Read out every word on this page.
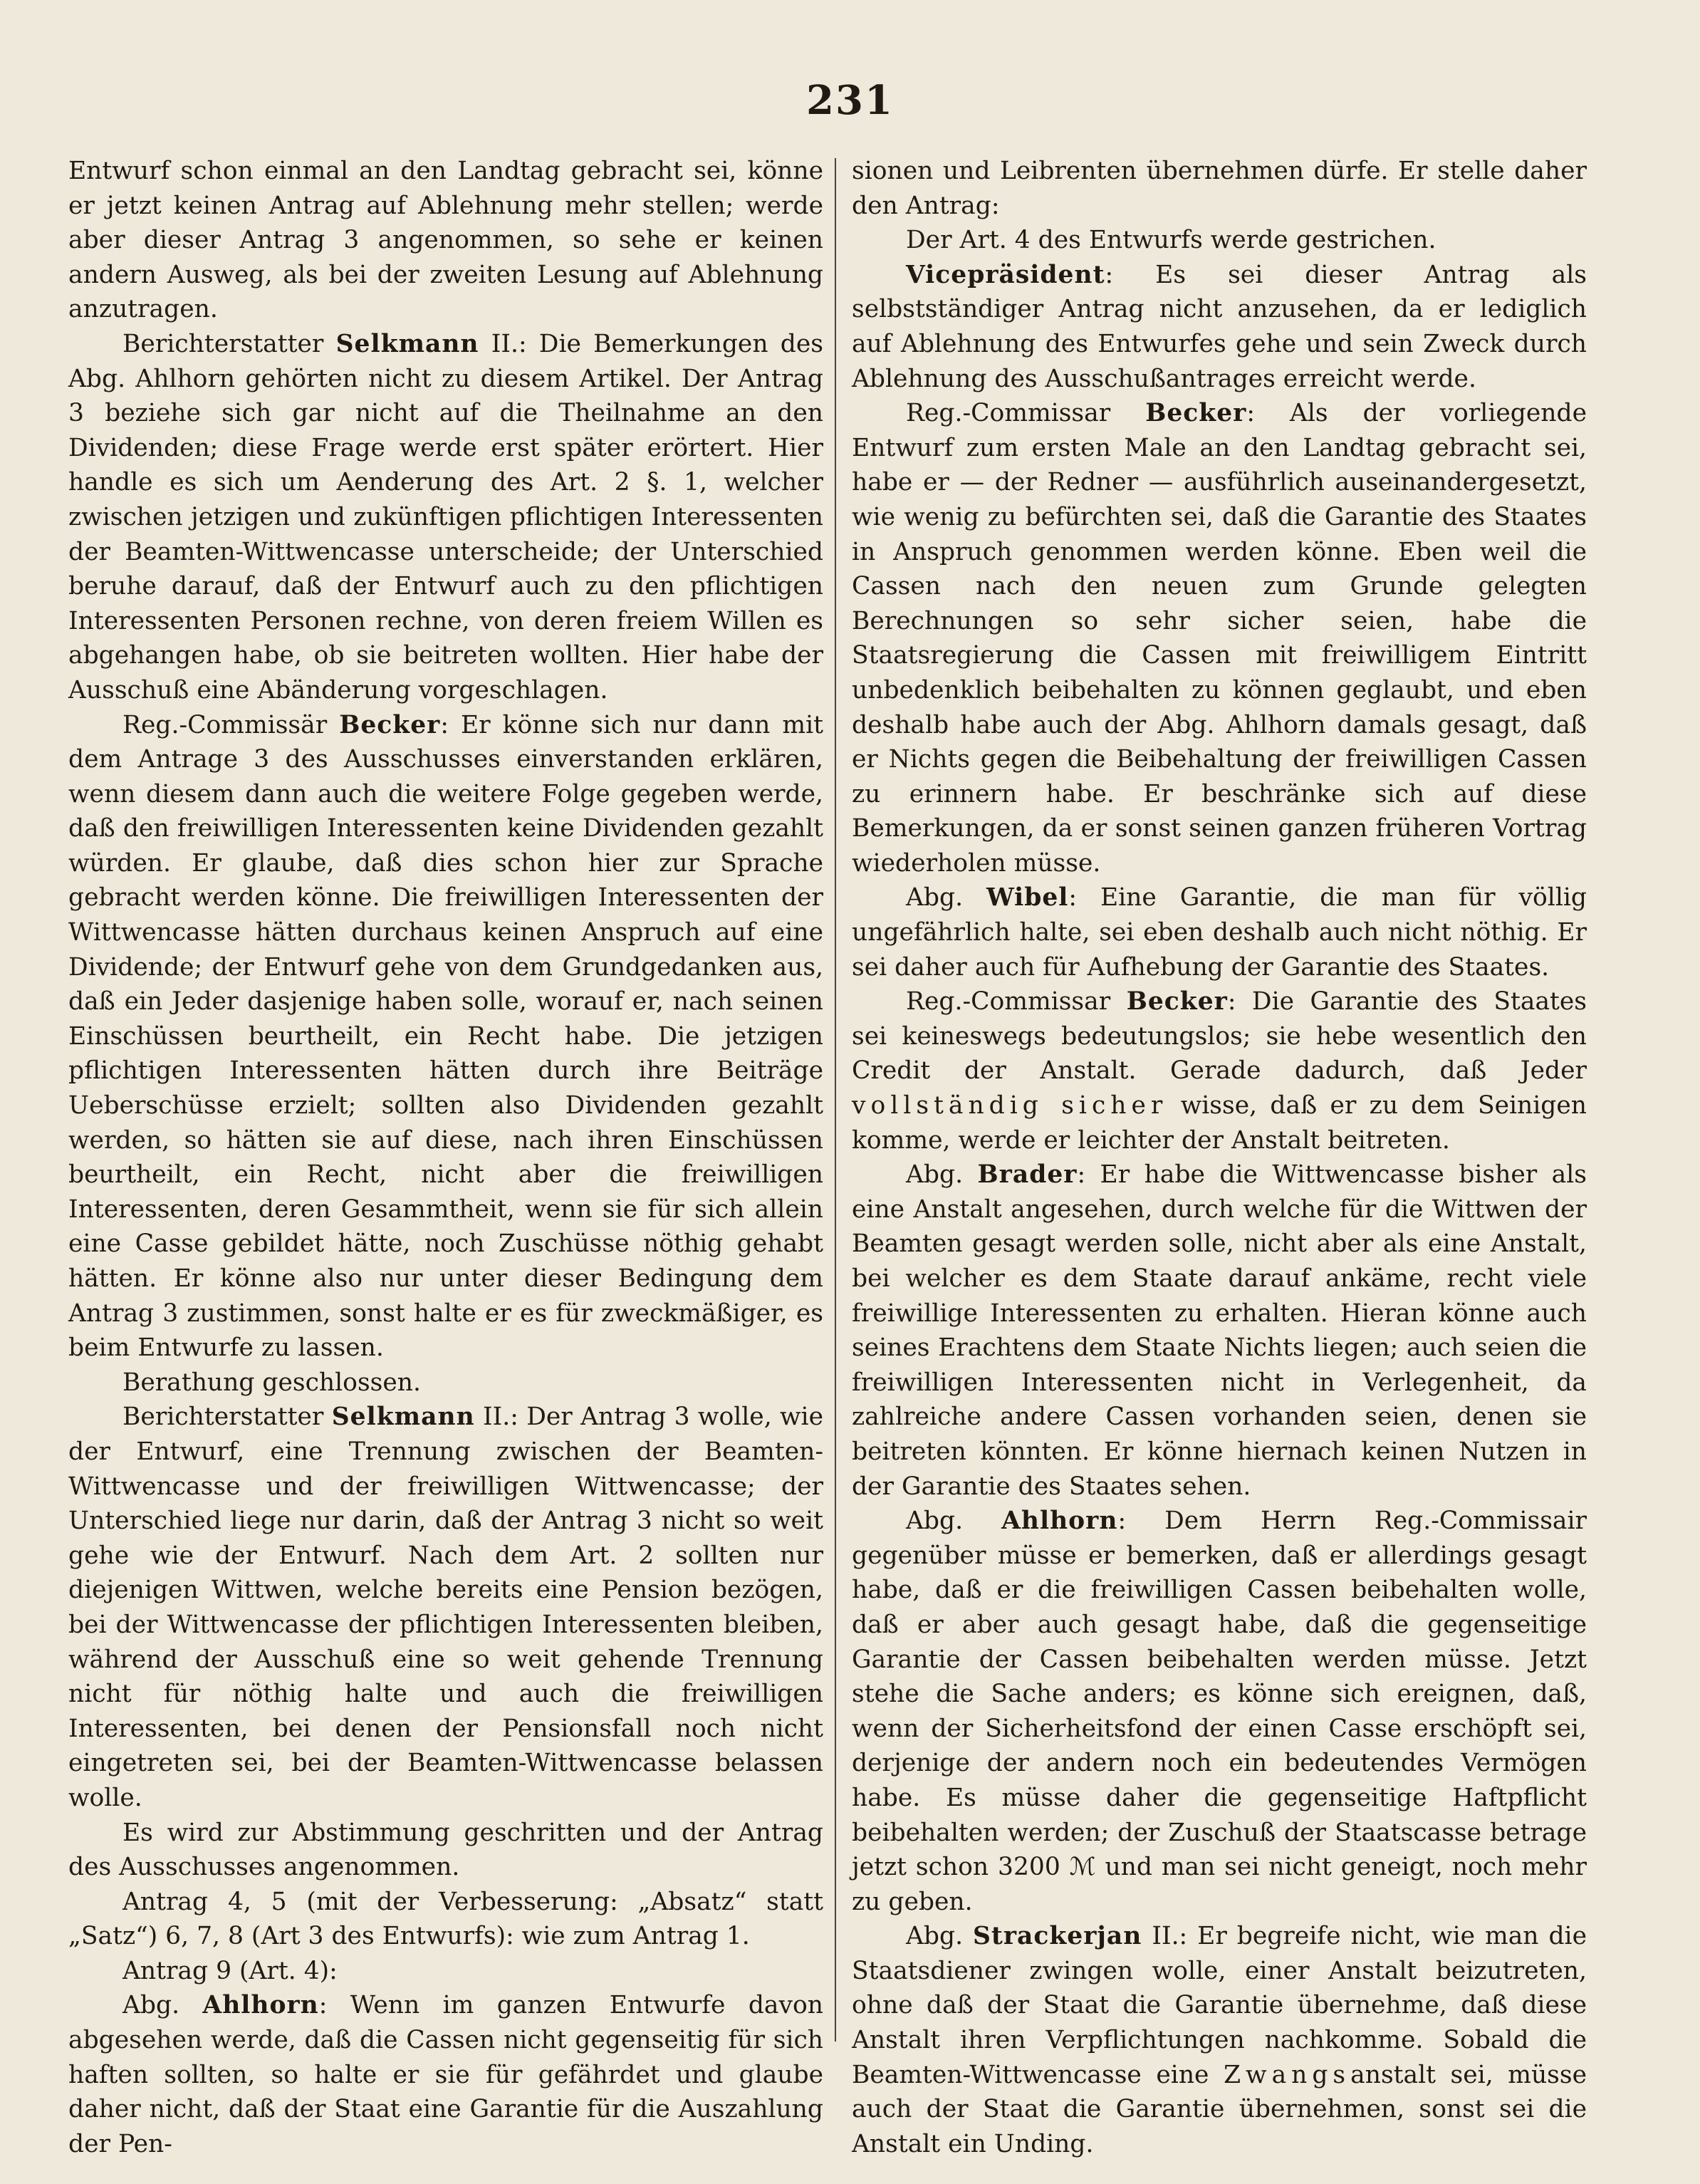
231

Entwurf schon einmal an den Landtag gebracht sei, könne er jetzt keinen Antrag auf Ablehnung mehr stellen; werde aber dieser Antrag 3 angenommen, so sehe er keinen andern Ausweg, als bei der zweiten Lesung auf Ablehnung anzutragen.

Berichterstatter Selkmann II.: Die Bemerkungen des Abg. Ahlhorn gehörten nicht zu diesem Artikel. Der Antrag 3 beziehe sich gar nicht auf die Theilnahme an den Dividenden; diese Frage werde erst später erörtert. Hier handle es sich um Aenderung des Art. 2 §. 1, welcher zwischen jetzigen und zukünftigen pflichtigen Interessenten der Beamten-Wittwencasse unterscheide; der Unterschied beruhe darauf, daß der Entwurf auch zu den pflichtigen Interessenten Personen rechne, von deren freiem Willen es abgehangen habe, ob sie beitreten wollten. Hier habe der Ausschuß eine Abänderung vorgeschlagen.

Reg.-Commissär Becker: Er könne sich nur dann mit dem Antrage 3 des Ausschusses einverstanden erklären, wenn diesem dann auch die weitere Folge gegeben werde, daß den freiwilligen Interessenten keine Dividenden gezahlt würden. Er glaube, daß dies schon hier zur Sprache gebracht werden könne. Die freiwilligen Interessenten der Wittwencasse hätten durchaus keinen Anspruch auf eine Dividende; der Entwurf gehe von dem Grundgedanken aus, daß ein Jeder dasjenige haben solle, worauf er, nach seinen Einschüssen beurtheilt, ein Recht habe. Die jetzigen pflichtigen Interessenten hätten durch ihre Beiträge Ueberschüsse erzielt; sollten also Dividenden gezahlt werden, so hätten sie auf diese, nach ihren Einschüssen beurtheilt, ein Recht, nicht aber die freiwilligen Interessenten, deren Gesammtheit, wenn sie für sich allein eine Casse gebildet hätte, noch Zuschüsse nöthig gehabt hätten. Er könne also nur unter dieser Bedingung dem Antrag 3 zustimmen, sonst halte er es für zweckmäßiger, es beim Entwurfe zu lassen.

Berathung geschlossen.

Berichterstatter Selkmann II.: Der Antrag 3 wolle, wie der Entwurf, eine Trennung zwischen der Beamten-Wittwencasse und der freiwilligen Wittwencasse; der Unterschied liege nur darin, daß der Antrag 3 nicht so weit gehe wie der Entwurf. Nach dem Art. 2 sollten nur diejenigen Wittwen, welche bereits eine Pension bezögen, bei der Wittwencasse der pflichtigen Interessenten bleiben, während der Ausschuß eine so weit gehende Trennung nicht für nöthig halte und auch die freiwilligen Interessenten, bei denen der Pensionsfall noch nicht eingetreten sei, bei der Beamten-Wittwencasse belassen wolle.

Es wird zur Abstimmung geschritten und der Antrag des Ausschusses angenommen.

Antrag 4, 5 (mit der Verbesserung: „Absatz“ statt „Satz“) 6, 7, 8 (Art 3 des Entwurfs): wie zum Antrag 1.

Antrag 9 (Art. 4):

Abg. Ahlhorn: Wenn im ganzen Entwurfe davon abgesehen werde, daß die Cassen nicht gegenseitig für sich haften sollten, so halte er sie für gefährdet und glaube daher nicht, daß der Staat eine Garantie für die Auszahlung der Pen-

sionen und Leibrenten übernehmen dürfe. Er stelle daher den Antrag:

Der Art. 4 des Entwurfs werde gestrichen.

Vicepräsident: Es sei dieser Antrag als selbstständiger Antrag nicht anzusehen, da er lediglich auf Ablehnung des Entwurfes gehe und sein Zweck durch Ablehnung des Ausschußantrages erreicht werde.

Reg.-Commissar Becker: Als der vorliegende Entwurf zum ersten Male an den Landtag gebracht sei, habe er — der Redner — ausführlich auseinandergesetzt, wie wenig zu befürchten sei, daß die Garantie des Staates in Anspruch genommen werden könne. Eben weil die Cassen nach den neuen zum Grunde gelegten Berechnungen so sehr sicher seien, habe die Staatsregierung die Cassen mit freiwilligem Eintritt unbedenklich beibehalten zu können geglaubt, und eben deshalb habe auch der Abg. Ahlhorn damals gesagt, daß er Nichts gegen die Beibehaltung der freiwilligen Cassen zu erinnern habe. Er beschränke sich auf diese Bemerkungen, da er sonst seinen ganzen früheren Vortrag wiederholen müsse.

Abg. Wibel: Eine Garantie, die man für völlig ungefährlich halte, sei eben deshalb auch nicht nöthig. Er sei daher auch für Aufhebung der Garantie des Staates.

Reg.-Commissar Becker: Die Garantie des Staates sei keineswegs bedeutungslos; sie hebe wesentlich den Credit der Anstalt. Gerade dadurch, daß Jeder vollständig sicher wisse, daß er zu dem Seinigen komme, werde er leichter der Anstalt beitreten.

Abg. Brader: Er habe die Wittwencasse bisher als eine Anstalt angesehen, durch welche für die Wittwen der Beamten gesagt werden solle, nicht aber als eine Anstalt, bei welcher es dem Staate darauf ankäme, recht viele freiwillige Interessenten zu erhalten. Hieran könne auch seines Erachtens dem Staate Nichts liegen; auch seien die freiwilligen Interessenten nicht in Verlegenheit, da zahlreiche andere Cassen vorhanden seien, denen sie beitreten könnten. Er könne hiernach keinen Nutzen in der Garantie des Staates sehen.

Abg. Ahlhorn: Dem Herrn Reg.-Commissair gegenüber müsse er bemerken, daß er allerdings gesagt habe, daß er die freiwilligen Cassen beibehalten wolle, daß er aber auch gesagt habe, daß die gegenseitige Garantie der Cassen beibehalten werden müsse. Jetzt stehe die Sache anders; es könne sich ereignen, daß, wenn der Sicherheitsfond der einen Casse erschöpft sei, derjenige der andern noch ein bedeutendes Vermögen habe. Es müsse daher die gegenseitige Haftpflicht beibehalten werden; der Zuschuß der Staatscasse betrage jetzt schon 3200 ℳ und man sei nicht geneigt, noch mehr zu geben.

Abg. Strackerjan II.: Er begreife nicht, wie man die Staatsdiener zwingen wolle, einer Anstalt beizutreten, ohne daß der Staat die Garantie übernehme, daß diese Anstalt ihren Verpflichtungen nachkomme. Sobald die Beamten-Wittwencasse eine Zwangsanstalt sei, müsse auch der Staat die Garantie übernehmen, sonst sei die Anstalt ein Unding.
